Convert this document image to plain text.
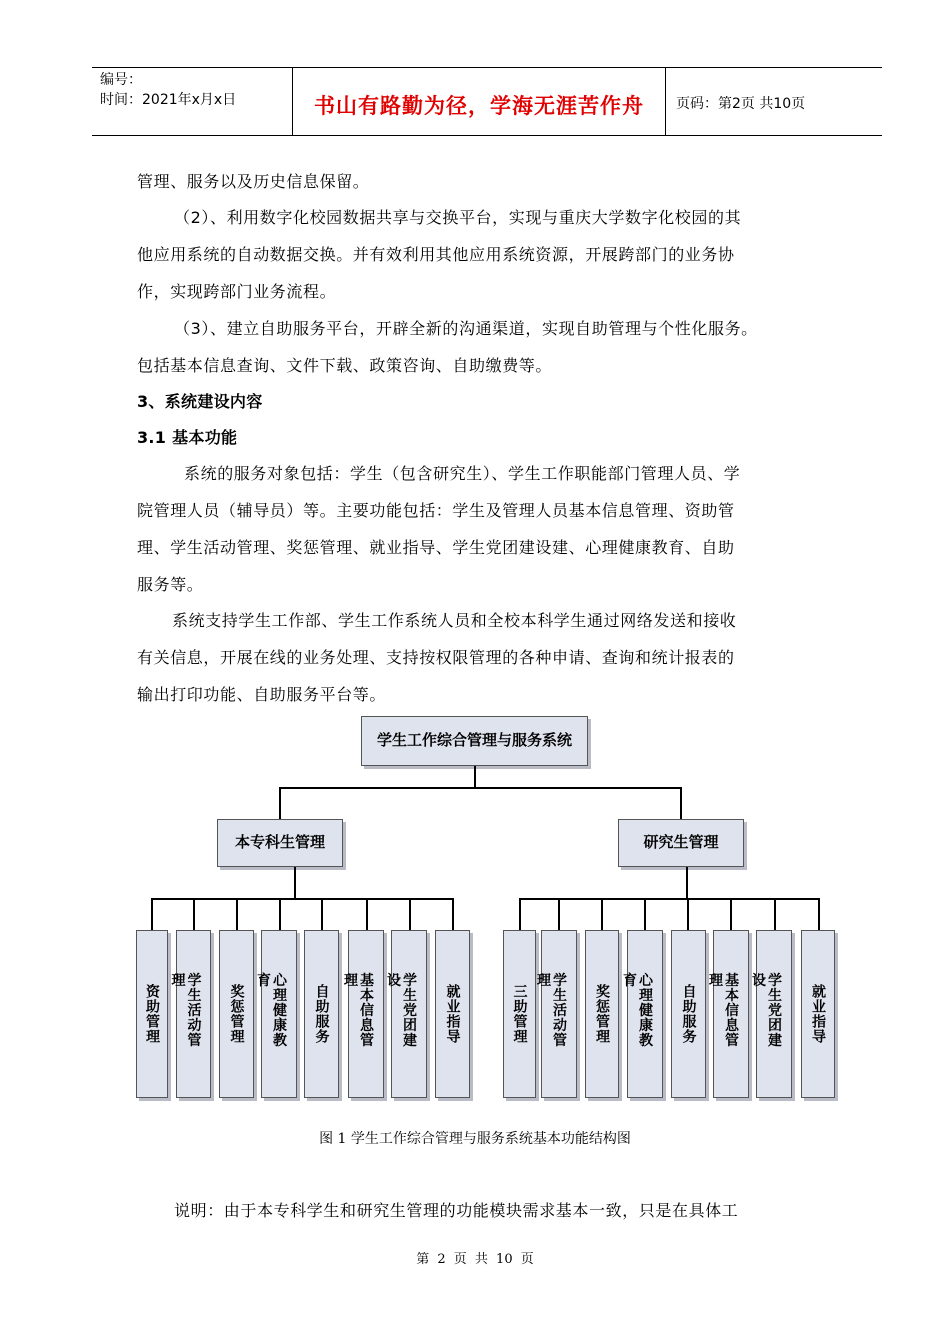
编号：
时间：2021年x月x日	书山有路勤为径，学海无涯苦作舟	页码：第2页 共10页
管理、服务以及历史信息保留。
（2）、利用数字化校园数据共享与交换平台，实现与重庆大学数字化校园的其
他应用系统的自动数据交换。并有效利用其他应用系统资源，开展跨部门的业务协
作，实现跨部门业务流程。
（3）、建立自助服务平台，开辟全新的沟通渠道，实现自助管理与个性化服务。
包括基本信息查询、文件下载、政策咨询、自助缴费等。
3、系统建设内容
3.1 基本功能
系统的服务对象包括：学生（包含研究生）、学生工作职能部门管理人员、学
院管理人员（辅导员）等。主要功能包括：学生及管理人员基本信息管理、资助管
理、学生活动管理、奖惩管理、就业指导、学生党团建设建、心理健康教育、自助
服务等。
系统支持学生工作部、学生工作系统人员和全校本科学生通过网络发送和接收
有关信息，开展在线的业务处理、支持按权限管理的各种申请、查询和统计报表的
输出打印功能、自助服务平台等。
学生工作综合管理与服务系统
本专科生管理	研究生管理
资助管理 学生活动管理
奖惩管理 心理健康教育
自助服务 基本信息管理	学生党团建设
就业指导	三助管理 学生活动管理
奖惩管理 心理健康教育
自助服务 基本信息管理	学生党团建设
就业指导
图 1 学生工作综合管理与服务系统基本功能结构图
说明：由于本专科学生和研究生管理的功能模块需求基本一致，只是在具体工
第 2 页 共 10 页
